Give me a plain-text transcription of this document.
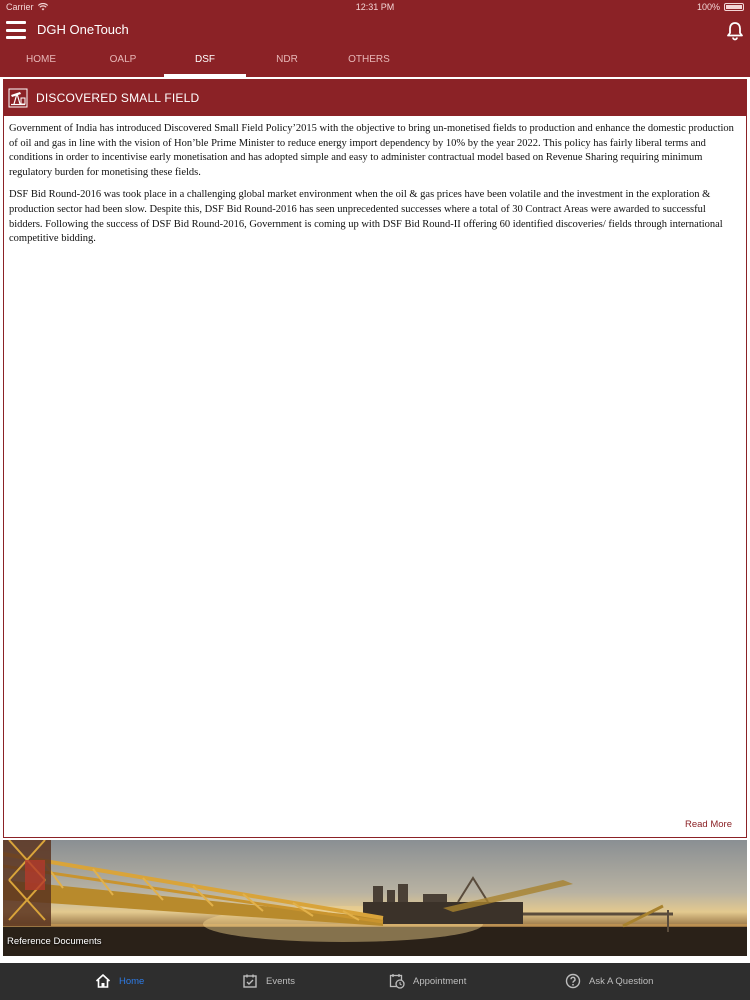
Carrier	12:31 PM	100%
DGH OneTouch
HOME	OALP	DSF	NDR	OTHERS
DISCOVERED SMALL FIELD

Government of India has introduced Discovered Small Field Policy’2015 with the objective to bring un-monetised fields to production and enhance the domestic production of oil and gas in line with the vision of Hon’ble Prime Minister to reduce energy import dependency by 10% by the year 2022. This policy has fairly liberal terms and conditions in order to incentivise early monetisation and has adopted simple and easy to administer contractual model based on Revenue Sharing requiring minimum regulatory burden for monetising these fields.

DSF Bid Round-2016 was took place in a challenging global market environment when the oil & gas prices have been volatile and the investment in the exploration & production sector had been slow. Despite this, DSF Bid Round-2016 has seen unprecedented successes where a total of 30 Contract Areas were awarded to successful bidders. Following the success of DSF Bid Round-2016, Government is coming up with DSF Bid Round-II offering 60 identified discoveries/ fields through international competitive bidding.

Read More
Reference Documents
Home	Events	Appointment	Ask A Question
